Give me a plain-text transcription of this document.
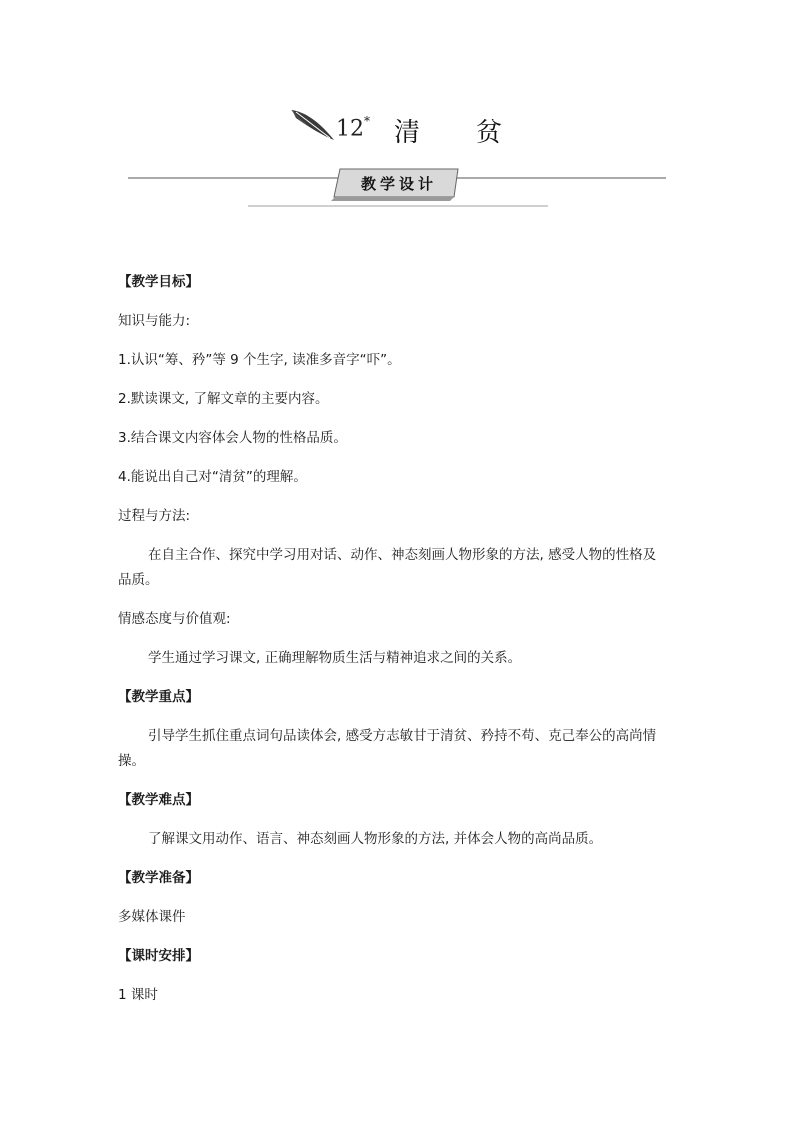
12* 清贫
教学设计
【教学目标】
知识与能力:
1.认识“筹、矜”等 9 个生字, 读准多音字“吓”。
2.默读课文, 了解文章的主要内容。
3.结合课文内容体会人物的性格品质。
4.能说出自己对“清贫”的理解。
过程与方法:
在自主合作、探究中学习用对话、动作、神态刻画人物形象的方法, 感受人物的性格及
品质。
情感态度与价值观:
学生通过学习课文, 正确理解物质生活与精神追求之间的关系。
【教学重点】
引导学生抓住重点词句品读体会, 感受方志敏甘于清贫、矜持不苟、克己奉公的高尚情
操。
【教学难点】
了解课文用动作、语言、神态刻画人物形象的方法, 并体会人物的高尚品质。
【教学准备】
多媒体课件
【课时安排】
1 课时
